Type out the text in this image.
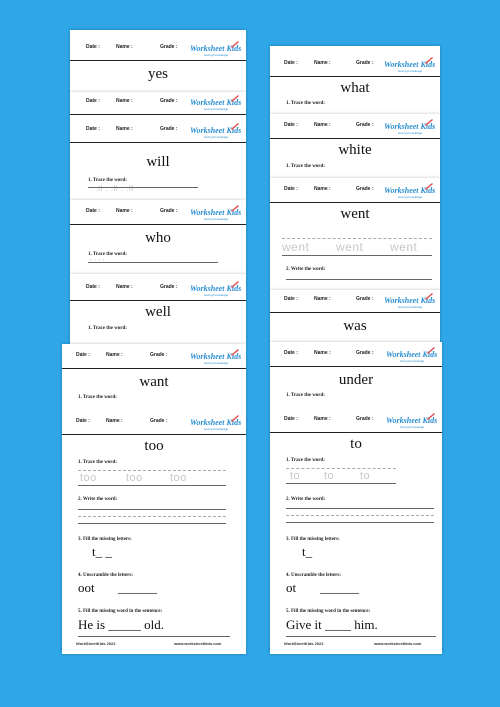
Date :	Name :	Grade : Worksheet Kids
Giving Knowledge
yes
Date :	Name :	Grade : Worksheet Kids
Giving Knowledge
Date :	Name :	Grade : Worksheet Kids
Giving Knowledge
will
1. Trace the word:
. .ll . .ll . .ll
Date :	Name :	Grade : Worksheet Kids
Giving Knowledge
who
1. Trace the word:
' ' ' '
Date :	Name :	Grade : Worksheet Kids
Giving Knowledge
well
1. Trace the word:
Date :	Name :	Grade :	Worksheet Kids
Giving Knowledge
want
1. Trace the word:
Date :	Name :	Grade :	Worksheet Kids
Giving Knowledge
too
1. Trace the word:
too	too too
2. Write the word:
3. Fill the missing letters:
t_ _
4. Unscramble the letters:
oot ______
5. Fill the missing word in the sentence:
He is _____ old.
WorkSheetKids 2022	www.worksheetkids.com
Date :	Name :	Grade : Worksheet Kids
Giving Knowledge
what
1. Trace the word:
Date :	Name :	Grade : Worksheet Kids
Giving Knowledge
white
1. Trace the word:
Date :	Name :	Grade : Worksheet Kids
Giving Knowledge
went
went went went
2. Write the word:
Date :	Name :	Grade : Worksheet Kids
Giving Knowledge
was
Date :	Name :	Grade : Worksheet Kids
Giving Knowledge
under
1. Trace the word:
Date :	Name :	Grade : Worksheet Kids
Giving Knowledge
to
1. Trace the word:
to to to
2. Write the word:
3. Fill the missing letters:
t_
4. Unscramble the letters:
ot ______
5. Fill the missing word in the sentence:
Give it ____ him.
WorkSheetKids 2022	www.worksheetkids.com
